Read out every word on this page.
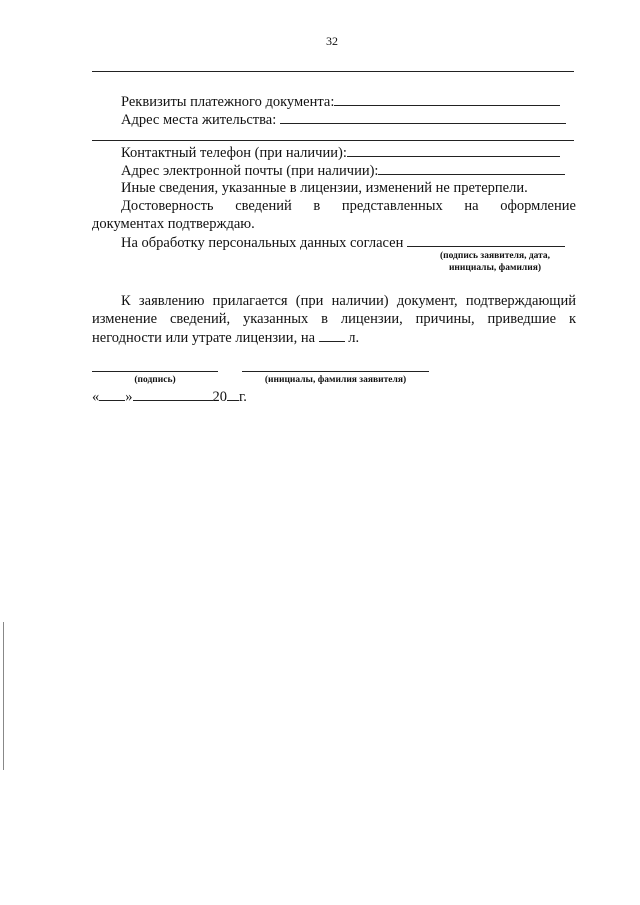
32
Реквизиты платежного документа:
Адрес места жительства:
Контактный телефон (при наличии):
Адрес электронной почты (при наличии):
Иные сведения, указанные в лицензии, изменений не претерпели.
Достоверность сведений в представленных на оформление
документах подтверждаю.
На обработку персональных данных согласен
(подпись заявителя, дата,
инициалы, фамилия)
К заявлению прилагается (при наличии) документ, подтверждающий
изменение сведений, указанных в лицензии, причины, приведшие к
негодности или утрате лицензии, на л.
(подпись)	(инициалы, фамилия заявителя)
« »	20 г.
